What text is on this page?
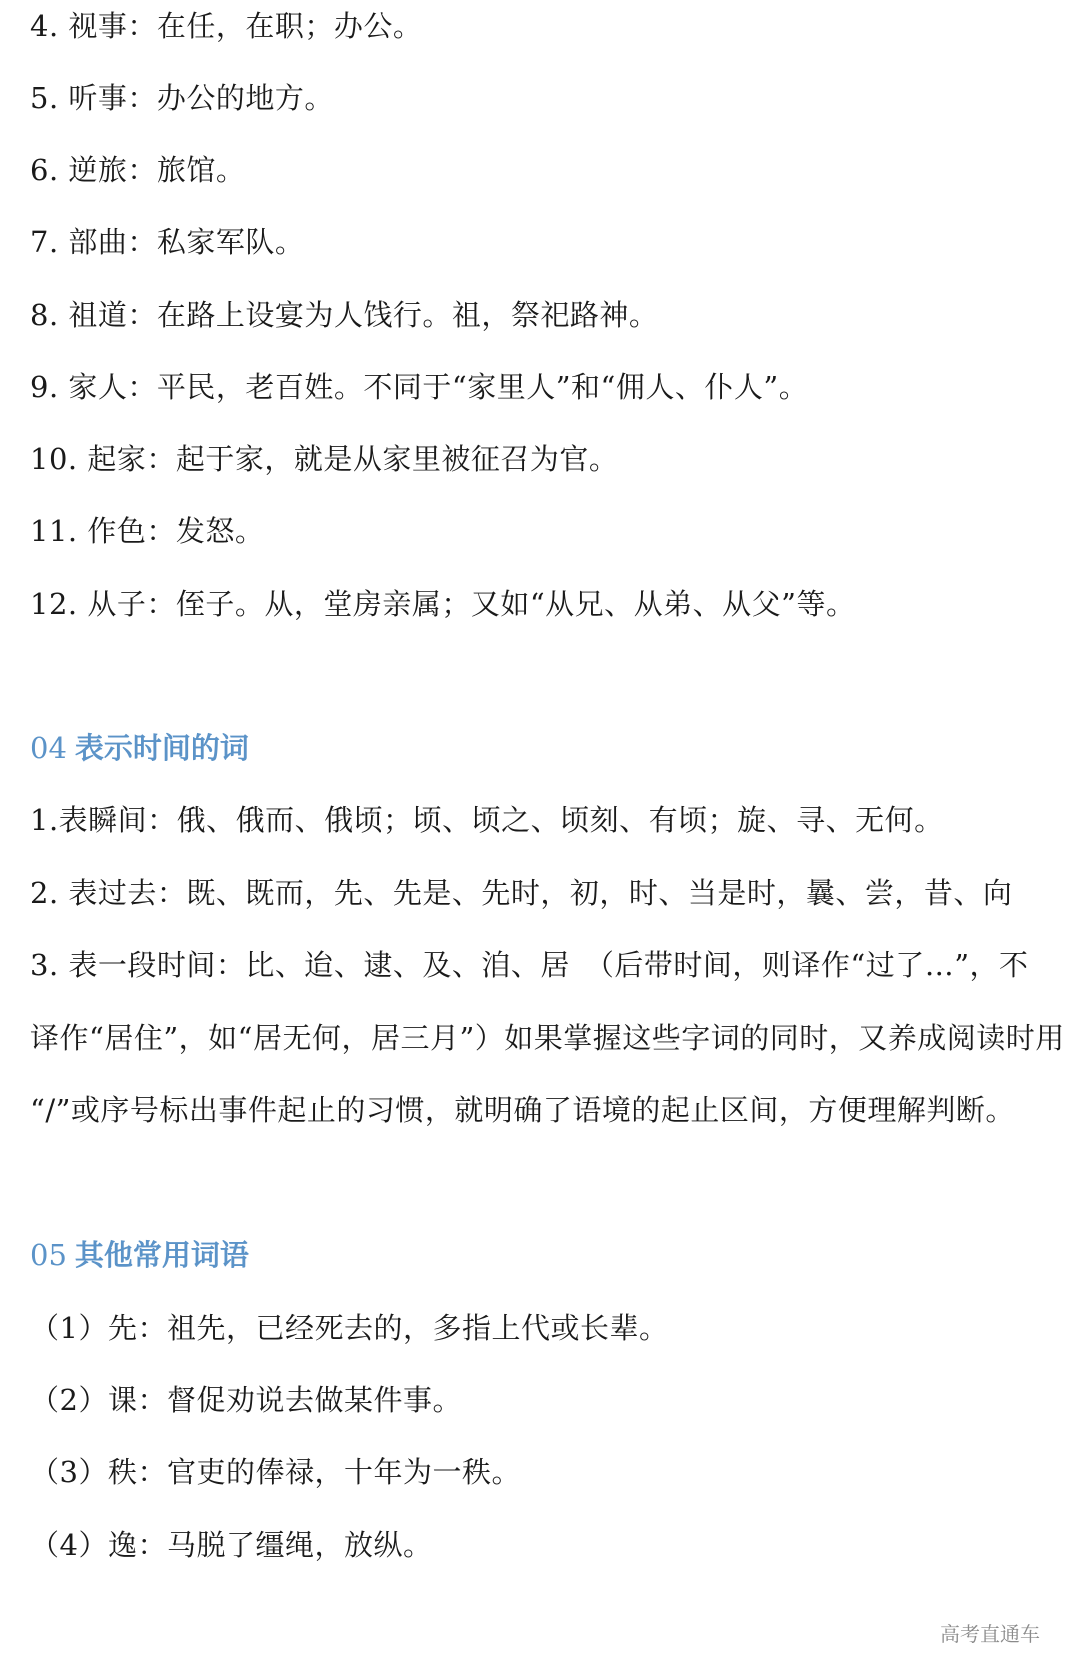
4. 视事：在任，在职；办公。
5. 听事：办公的地方。
6. 逆旅：旅馆。
7. 部曲：私家军队。
8. 祖道：在路上设宴为人饯行。祖，祭祀路神。
9. 家人：平民，老百姓。不同于“家里人”和“佣人、仆人”。
10. 起家：起于家，就是从家里被征召为官。
11. 作色：发怒。
12. 从子：侄子。从，堂房亲属；又如“从兄、从弟、从父”等。
04 表示时间的词
1.表瞬间：俄、俄而、俄顷；顷、顷之、顷刻、有顷；旋、寻、无何。
2. 表过去：既、既而，先、先是、先时，初，时、当是时，曩、尝，昔、向
3. 表一段时间：比、迨、逮、及、洎、居　（后带时间，则译作“过了…”，不
译作“居住”，如“居无何，居三月”）如果掌握这些字词的同时，又养成阅读时用
“/”或序号标出事件起止的习惯，就明确了语境的起止区间，方便理解判断。
05 其他常用词语
（1）先：祖先，已经死去的，多指上代或长辈。
（2）课：督促劝说去做某件事。
（3）秩：官吏的俸禄，十年为一秩。
（4）逸：马脱了缰绳，放纵。
高考直通车
